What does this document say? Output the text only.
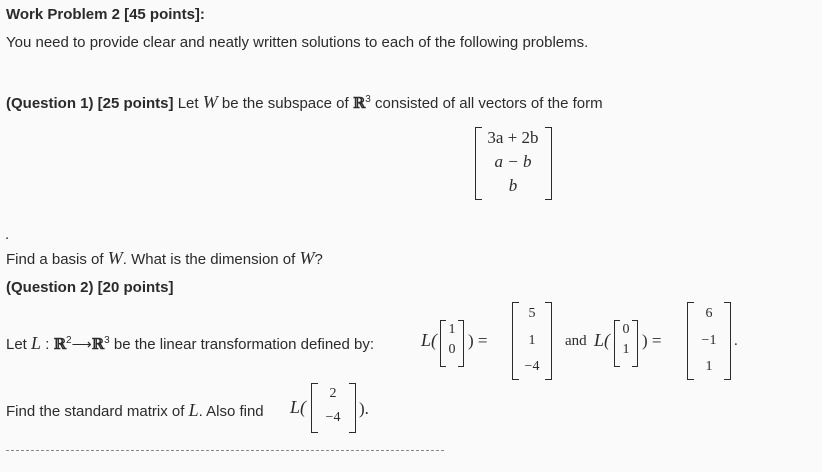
Work Problem 2 [45 points]:
You need to provide clear and neatly written solutions to each of the following problems.
(Question 1) [25 points] Let W be the subspace of ℝ$^3$ consisted of all vectors of the form
3a + 2b
a − b
b
.
Find a basis of W. What is the dimension of W?
(Question 2) [20 points]
Let L : ℝ$^2$⟶ℝ$^3$ be the linear transformation defined by:	L(
1
0 ) =
5
1
−4
and L(
0
1 ) =
6
−1
1
.
Find the standard matrix of L. Also find L(
2
−4	).
